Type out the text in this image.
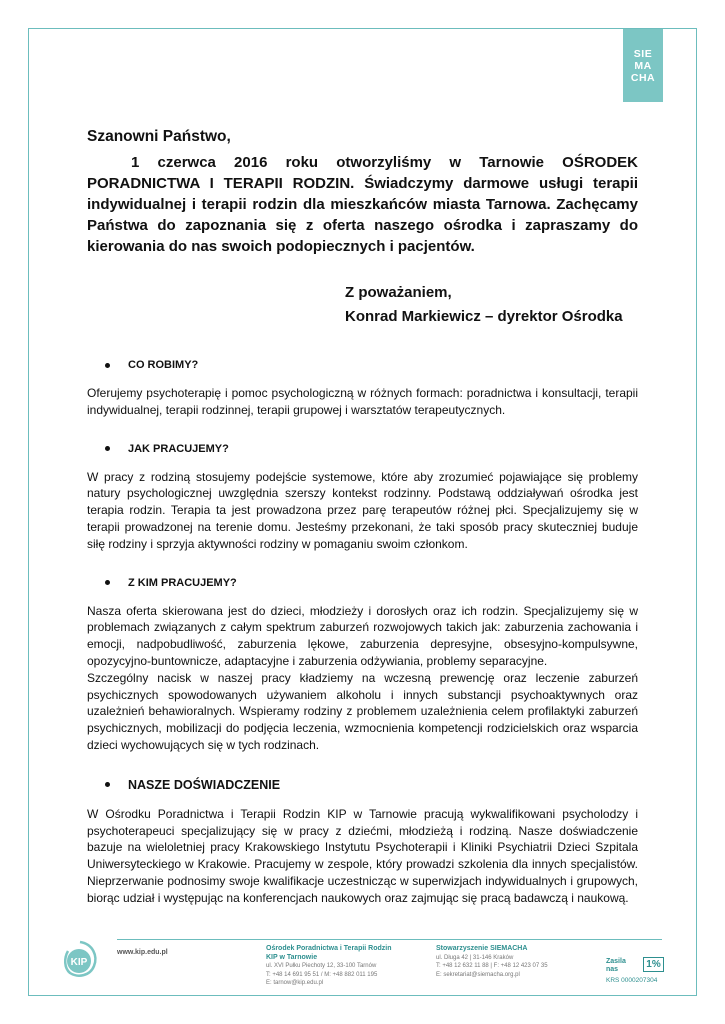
SIE
MA
CHA

Szanowni Państwo,

1 czerwca 2016 roku otworzyliśmy w Tarnowie OŚRODEK PORADNICTWA I TERAPII RODZIN. Świadczymy darmowe usługi terapii indywidualnej i terapii rodzin dla mieszkańców miasta Tarnowa. Zachęcamy Państwa do zapoznania się z oferta naszego ośrodka i zapraszamy do kierowania do nas swoich podopiecznych i pacjentów.

Z poważaniem,
Konrad Markiewicz – dyrektor Ośrodka
CO ROBIMY?

Oferujemy psychoterapię i pomoc psychologiczną w różnych formach: poradnictwa i konsultacji, terapii indywidualnej, terapii rodzinnej, terapii grupowej i warsztatów terapeutycznych.

JAK PRACUJEMY?

W pracy z rodziną stosujemy podejście systemowe, które aby zrozumieć pojawiające się problemy natury psychologicznej uwzględnia szerszy kontekst rodzinny. Podstawą oddziaływań ośrodka jest terapia rodzin. Terapia ta jest prowadzona przez parę terapeutów różnej płci. Specjalizujemy się w terapii prowadzonej na terenie domu. Jesteśmy przekonani, że taki sposób pracy skuteczniej buduje siłę rodziny i sprzyja aktywności rodziny w pomaganiu swoim członkom.

Z KIM PRACUJEMY?

Nasza oferta skierowana jest do dzieci, młodzieży i dorosłych oraz ich rodzin. Specjalizujemy się w problemach związanych z całym spektrum zaburzeń rozwojowych takich jak: zaburzenia zachowania i emocji, nadpobudliwość, zaburzenia lękowe, zaburzenia depresyjne, obsesyjno-kompulsywne, opozycyjno-buntownicze, adaptacyjne i zaburzenia odżywiania, problemy separacyjne.

Szczególny nacisk w naszej pracy kładziemy na wczesną prewencję oraz leczenie zaburzeń psychicznych spowodowanych używaniem alkoholu i innych substancji psychoaktywnych oraz uzależnień behawioralnych. Wspieramy rodziny z problemem uzależnienia celem profilaktyki zaburzeń psychicznych, mobilizacji do podjęcia leczenia, wzmocnienia kompetencji rodzicielskich oraz wsparcia dzieci wychowujących się w tych rodzinach.

NASZE DOŚWIADCZENIE

W Ośrodku Poradnictwa i Terapii Rodzin KIP w Tarnowie pracują wykwalifikowani psycholodzy i psychoterapeuci specjalizujący się w pracy z dziećmi, młodzieżą i rodziną. Nasze doświadczenie bazuje na wieloletniej pracy Krakowskiego Instytutu Psychoterapii i Kliniki Psychiatrii Dzieci Szpitala Uniwersyteckiego w Krakowie. Pracujemy w zespole, który prowadzi szkolenia dla innych specjalistów. Nieprzerwanie podnosimy swoje kwalifikacje uczestnicząc w superwizjach indywidualnych i grupowych, biorąc udział i występując na konferencjach naukowych oraz zajmując się pracą badawczą i naukową.

KIP
www.kip.edu.pl
Ośrodek Poradnictwa i Terapii Rodzin
KIP w Tarnowie
ul. XVI Pułku Piechoty 12, 33-100 Tarnów
T: +48 14 691 95 51 / M: +48 882 011 195
E: tarnow@kip.edu.pl
Stowarzyszenie SIEMACHA
ul. Długa 42 | 31-146 Kraków
T: +48 12 632 11 88 | F: +48 12 423 07 35
E: sekretariat@siemacha.org.pl
Zasila
nas	1%
KRS 0000207304
